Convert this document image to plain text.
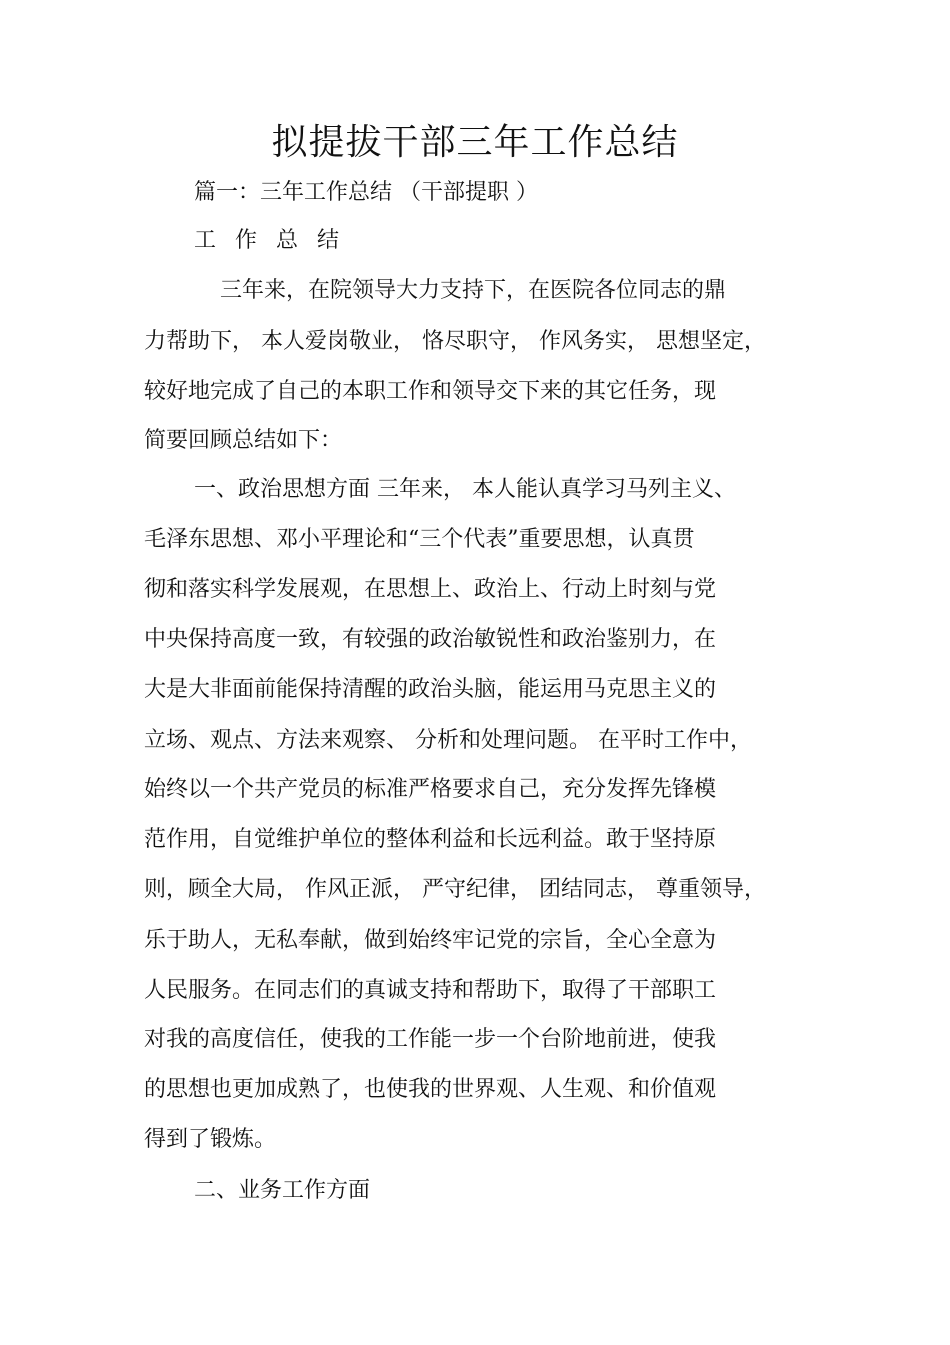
拟提拔干部三年工作总结
篇一：三年工作总结 （干部提职 ）
工 作 总 结
三年来，在院领导大力支持下，在医院各位同志的鼎
力帮助下， 本人爱岗敬业， 恪尽职守， 作风务实， 思想坚定，
较好地完成了自己的本职工作和领导交下来的其它任务，现
简要回顾总结如下：
一、政治思想方面 三年来， 本人能认真学习马列主义、
毛泽东思想、邓小平理论和“三个代表”重要思想，认真贯
彻和落实科学发展观，在思想上、政治上、行动上时刻与党
中央保持高度一致，有较强的政治敏锐性和政治鉴别力，在
大是大非面前能保持清醒的政治头脑，能运用马克思主义的
立场、观点、方法来观察、 分析和处理问题。 在平时工作中，
始终以一个共产党员的标准严格要求自己，充分发挥先锋模
范作用，自觉维护单位的整体利益和长远利益。敢于坚持原
则，顾全大局， 作风正派， 严守纪律， 团结同志， 尊重领导，
乐于助人，无私奉献，做到始终牢记党的宗旨，全心全意为
人民服务。在同志们的真诚支持和帮助下，取得了干部职工
对我的高度信任，使我的工作能一步一个台阶地前进，使我
的思想也更加成熟了，也使我的世界观、人生观、和价值观
得到了锻炼。
二、业务工作方面
